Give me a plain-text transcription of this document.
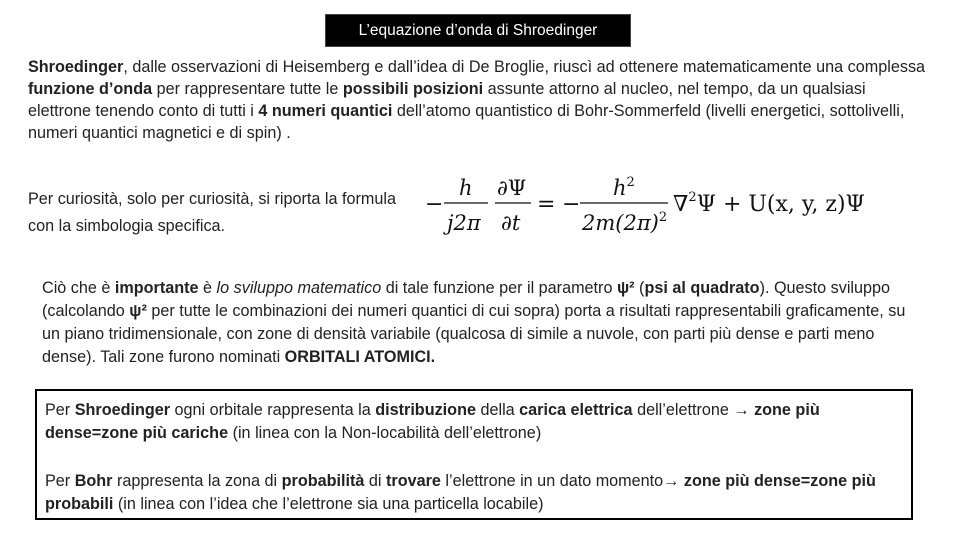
L’equazione d’onda di Shroedinger

Shroedinger, dalle osservazioni di Heisemberg e dall’idea di De Broglie, riuscì ad ottenere matematicamente una complessa funzione d’onda per rappresentare tutte le possibili posizioni assunte attorno al nucleo, nel tempo, da un qualsiasi elettrone tenendo conto di tutti i 4 numeri quantici dell’atomo quantistico di Bohr-Sommerfeld (livelli energetici, sottolivelli, numeri quantici magnetici e di spin) .

Per curiosità, solo per curiosità, si riporta la formula con la simbologia specifica.

−
h
j2π
∂Ψ
∂t
= −
$h^2$
$2m(2\pi)^2$
∇$^2$Ψ + U(x, y, z)Ψ

Ciò che è importante è lo sviluppo matematico di tale funzione per il parametro ψ² (psi al quadrato). Questo sviluppo (calcolando ψ² per tutte le combinazioni dei numeri quantici di cui sopra) porta a risultati rappresentabili graficamente, su un piano tridimensionale, con zone di densità variabile (qualcosa di simile a nuvole, con parti più dense e parti meno dense). Tali zone furono nominati ORBITALI ATOMICI.

Per Shroedinger ogni orbitale rappresenta la distribuzione della carica elettrica dell’elettrone → zone più dense=zone più cariche (in linea con la Non-locabilità dell’elettrone)

Per Bohr rappresenta la zona di probabilità di trovare l’elettrone in un dato momento→ zone più dense=zone più probabili (in linea con l’idea che l’elettrone sia una particella locabile)
